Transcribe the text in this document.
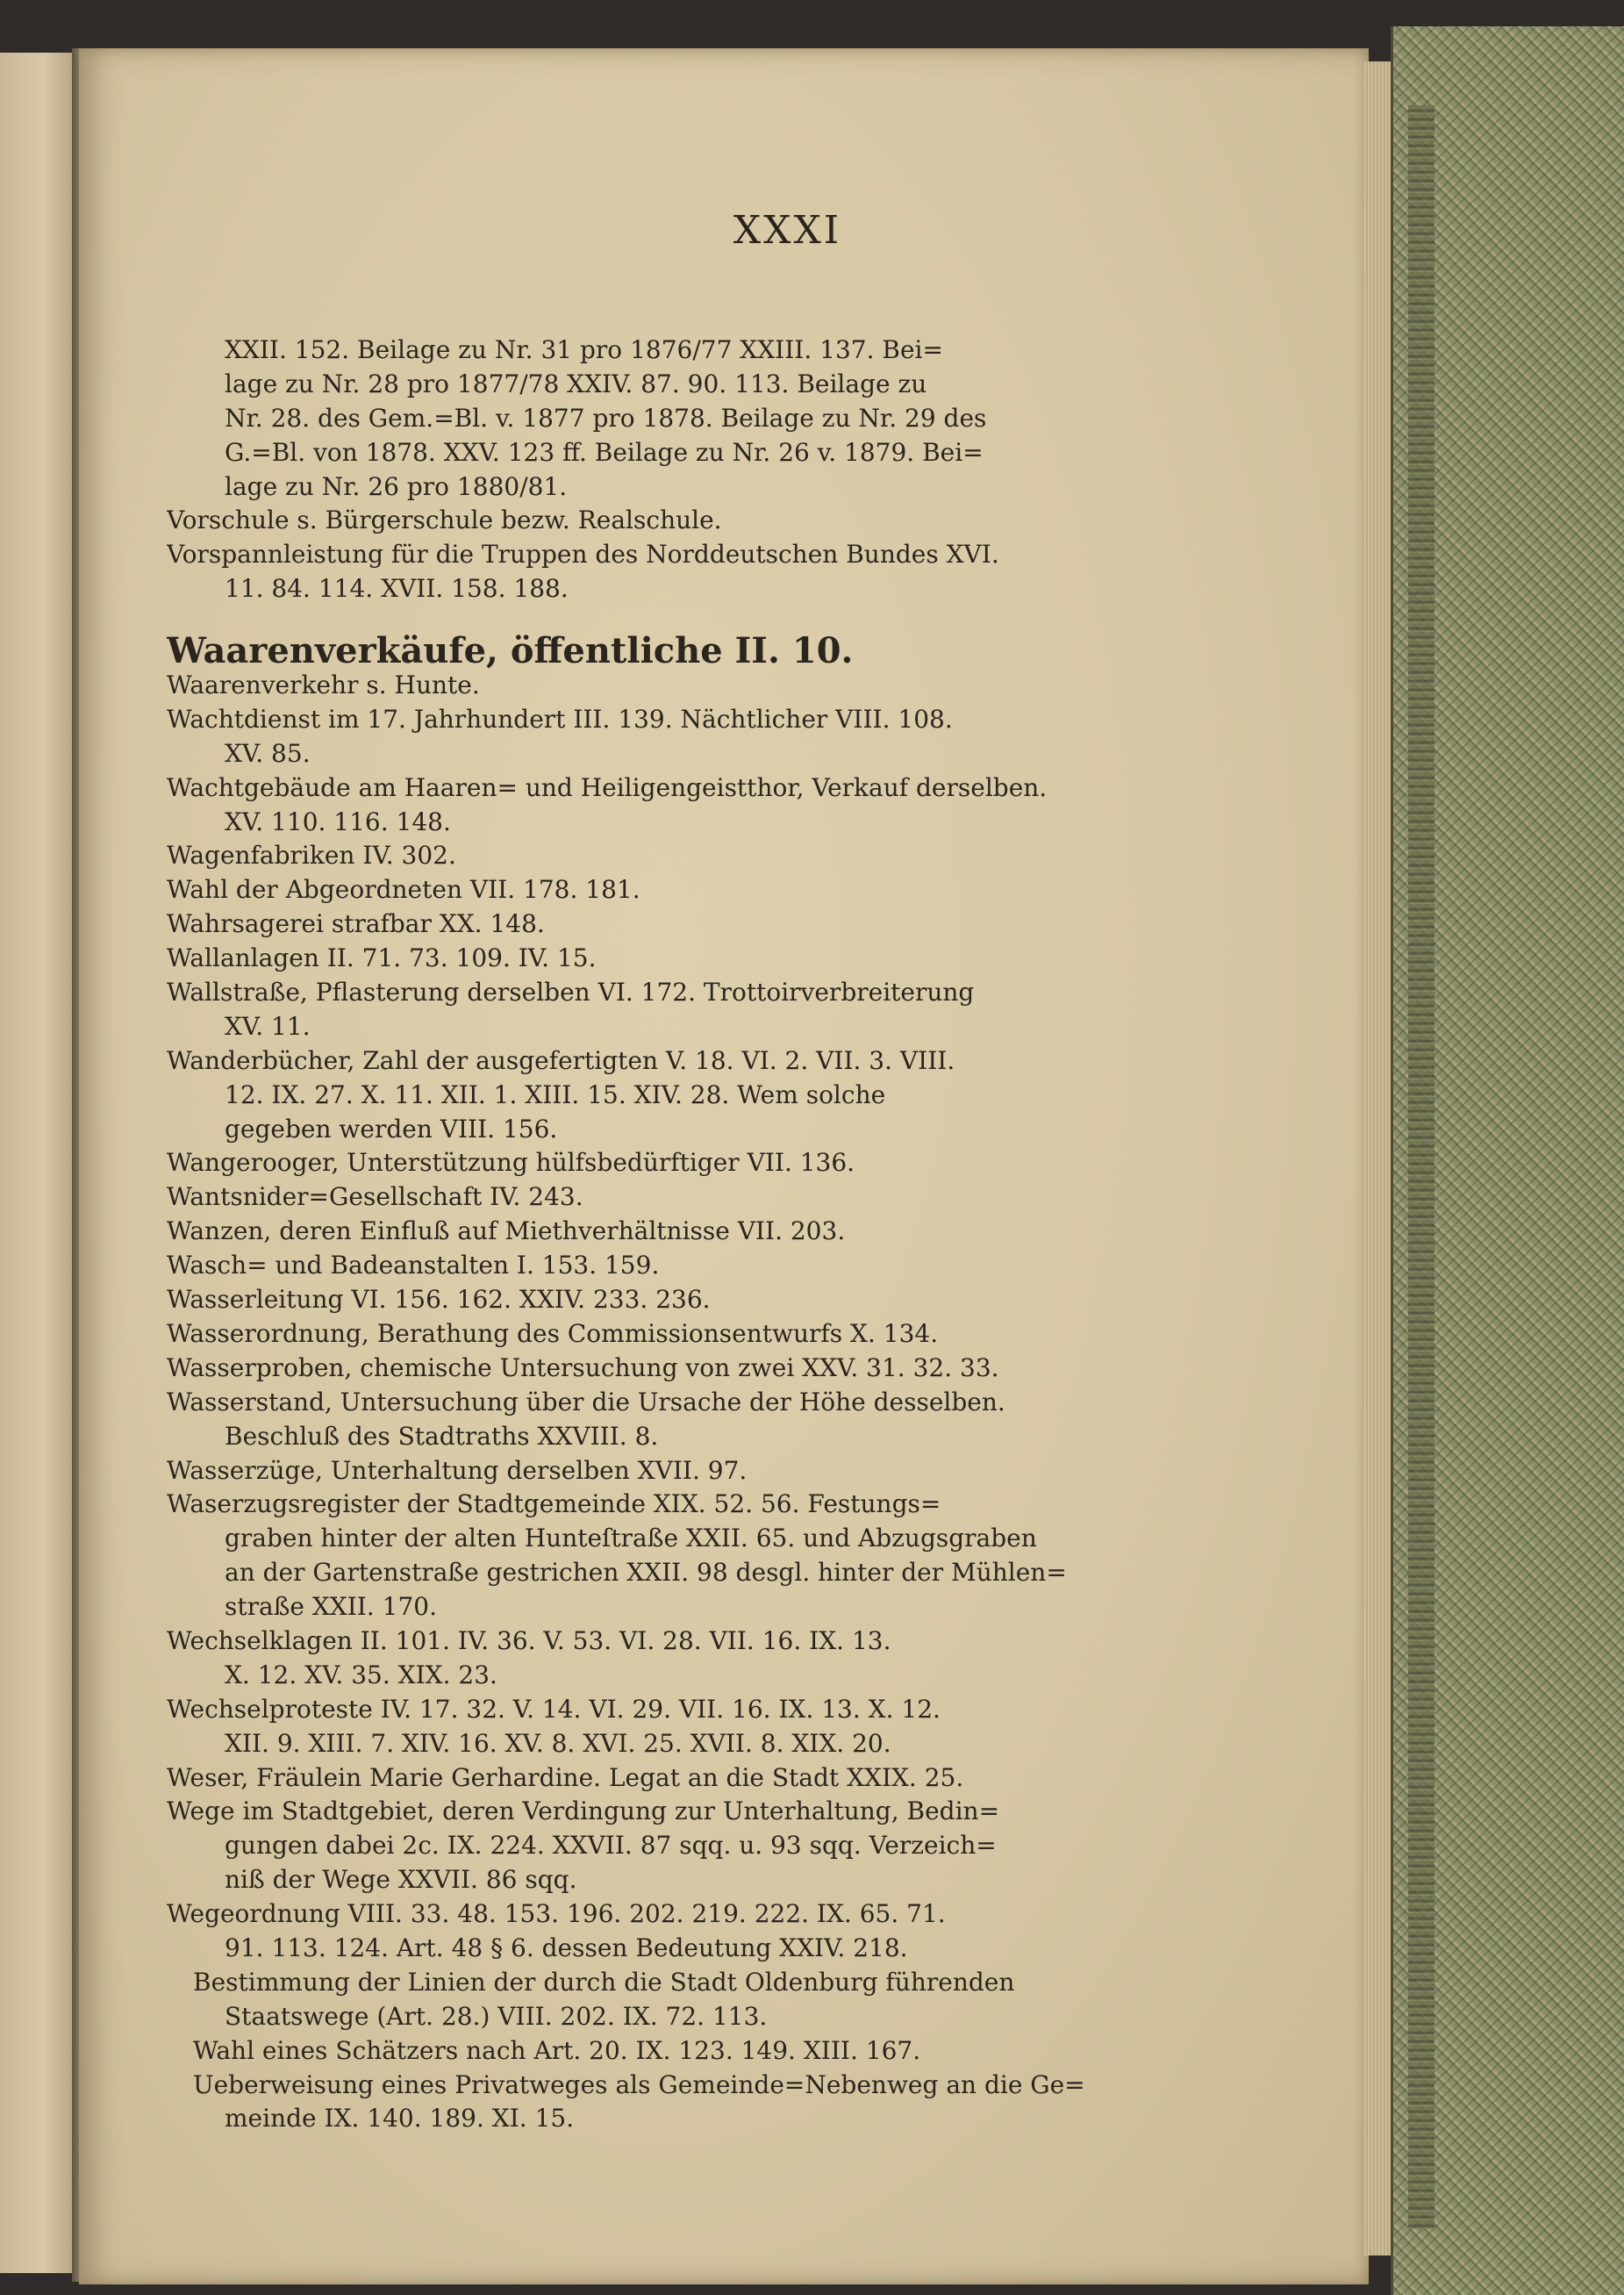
XXXI
XXII. 152. Beilage zu Nr. 31 pro 1876/77 XXIII. 137. Bei=
lage zu Nr. 28 pro 1877/78 XXIV. 87. 90. 113. Beilage zu
Nr. 28. des Gem.=Bl. v. 1877 pro 1878. Beilage zu Nr. 29 des
G.=Bl. von 1878. XXV. 123 ff. Beilage zu Nr. 26 v. 1879. Bei=
lage zu Nr. 26 pro 1880/81.
Vorschule s. Bürgerschule bezw. Realschule.
Vorspannleistung für die Truppen des Norddeutschen Bundes XVI.
11. 84. 114. XVII. 158. 188.
Waarenverkäufe, öffentliche II. 10.
Waarenverkehr s. Hunte.
Wachtdienst im 17. Jahrhundert III. 139. Nächtlicher VIII. 108.
XV. 85.
Wachtgebäude am Haaren= und Heiligengeistthor, Verkauf derselben.
XV. 110. 116. 148.
Wagenfabriken IV. 302.
Wahl der Abgeordneten VII. 178. 181.
Wahrsagerei strafbar XX. 148.
Wallanlagen II. 71. 73. 109. IV. 15.
Wallstraße, Pflasterung derselben VI. 172. Trottoirverbreiterung
XV. 11.
Wanderbücher, Zahl der ausgefertigten V. 18. VI. 2. VII. 3. VIII.
12. IX. 27. X. 11. XII. 1. XIII. 15. XIV. 28. Wem solche
gegeben werden VIII. 156.
Wangerooger, Unterstützung hülfsbedürftiger VII. 136.
Wantsnider=Gesellschaft IV. 243.
Wanzen, deren Einfluß auf Miethverhältnisse VII. 203.
Wasch= und Badeanstalten I. 153. 159.
Wasserleitung VI. 156. 162. XXIV. 233. 236.
Wasserordnung, Berathung des Commissionsentwurfs X. 134.
Wasserproben, chemische Untersuchung von zwei XXV. 31. 32. 33.
Wasserstand, Untersuchung über die Ursache der Höhe desselben.
Beschluß des Stadtraths XXVIII. 8.
Wasserzüge, Unterhaltung derselben XVII. 97.
Waserzugsregister der Stadtgemeinde XIX. 52. 56. Festungs=
graben hinter der alten Hunteſtraße XXII. 65. und Abzugsgraben
an der Gartenstraße gestrichen XXII. 98 desgl. hinter der Mühlen=
straße XXII. 170.
Wechselklagen II. 101. IV. 36. V. 53. VI. 28. VII. 16. IX. 13.
X. 12. XV. 35. XIX. 23.
Wechselproteste IV. 17. 32. V. 14. VI. 29. VII. 16. IX. 13. X. 12.
XII. 9. XIII. 7. XIV. 16. XV. 8. XVI. 25. XVII. 8. XIX. 20.
Weser, Fräulein Marie Gerhardine. Legat an die Stadt XXIX. 25.
Wege im Stadtgebiet, deren Verdingung zur Unterhaltung, Bedin=
gungen dabei 2c. IX. 224. XXVII. 87 sqq. u. 93 sqq. Verzeich=
niß der Wege XXVII. 86 sqq.
Wegeordnung VIII. 33. 48. 153. 196. 202. 219. 222. IX. 65. 71.
91. 113. 124. Art. 48 § 6. dessen Bedeutung XXIV. 218.
Bestimmung der Linien der durch die Stadt Oldenburg führenden
Staatswege (Art. 28.) VIII. 202. IX. 72. 113.
Wahl eines Schätzers nach Art. 20. IX. 123. 149. XIII. 167.
Ueberweisung eines Privatweges als Gemeinde=Nebenweg an die Ge=
meinde IX. 140. 189. XI. 15.
